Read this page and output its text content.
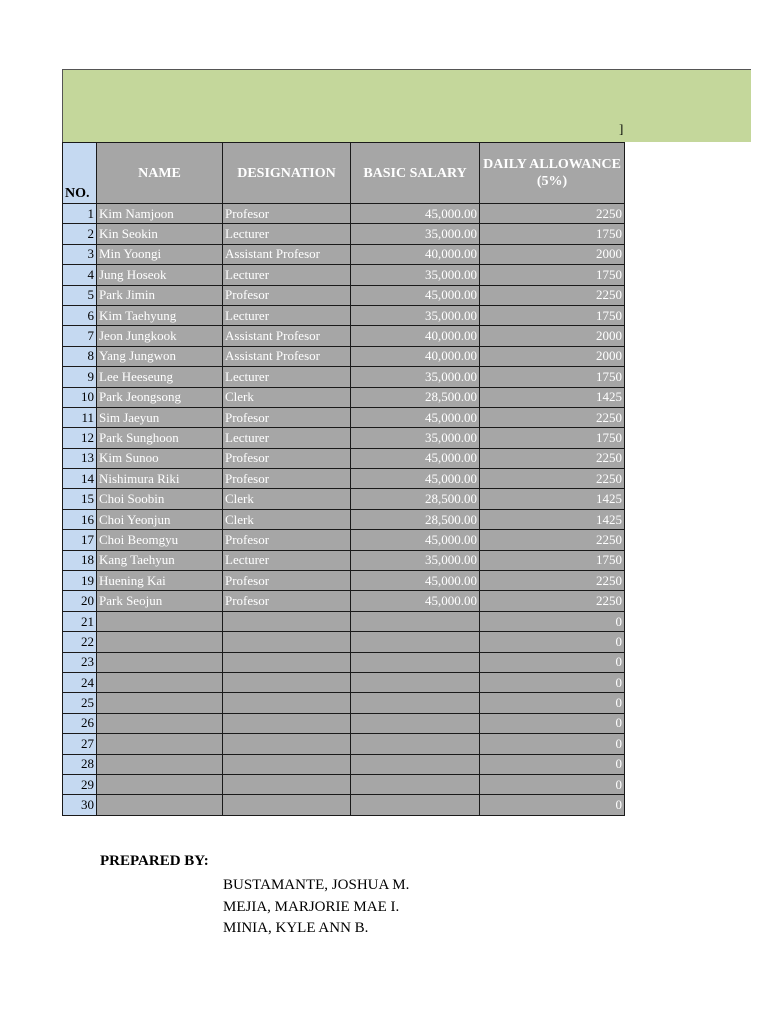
]
NO.	NAME	DESIGNATION	BASIC SALARY	DAILY ALLOWANCE (5%)
1	Kim Namjoon	Profesor	45,000.00	2250
2	Kin Seokin	Lecturer	35,000.00	1750
3	Min Yoongi	Assistant Profesor	40,000.00	2000
4	Jung Hoseok	Lecturer	35,000.00	1750
5	Park Jimin	Profesor	45,000.00	2250
6	Kim Taehyung	Lecturer	35,000.00	1750
7	Jeon Jungkook	Assistant Profesor	40,000.00	2000
8	Yang Jungwon	Assistant Profesor	40,000.00	2000
9	Lee Heeseung	Lecturer	35,000.00	1750
10	Park Jeongsong	Clerk	28,500.00	1425
11	Sim Jaeyun	Profesor	45,000.00	2250
12	Park Sunghoon	Lecturer	35,000.00	1750
13	Kim Sunoo	Profesor	45,000.00	2250
14	Nishimura Riki	Profesor	45,000.00	2250
15	Choi Soobin	Clerk	28,500.00	1425
16	Choi Yeonjun	Clerk	28,500.00	1425
17	Choi Beomgyu	Profesor	45,000.00	2250
18	Kang Taehyun	Lecturer	35,000.00	1750
19	Huening Kai	Profesor	45,000.00	2250
20	Park Seojun	Profesor	45,000.00	2250
21				0
22				0
23				0
24				0
25				0
26				0
27				0
28				0
29				0
30				0
PREPARED BY:
BUSTAMANTE, JOSHUA M.
MEJIA, MARJORIE MAE I.
MINIA, KYLE ANN B.
